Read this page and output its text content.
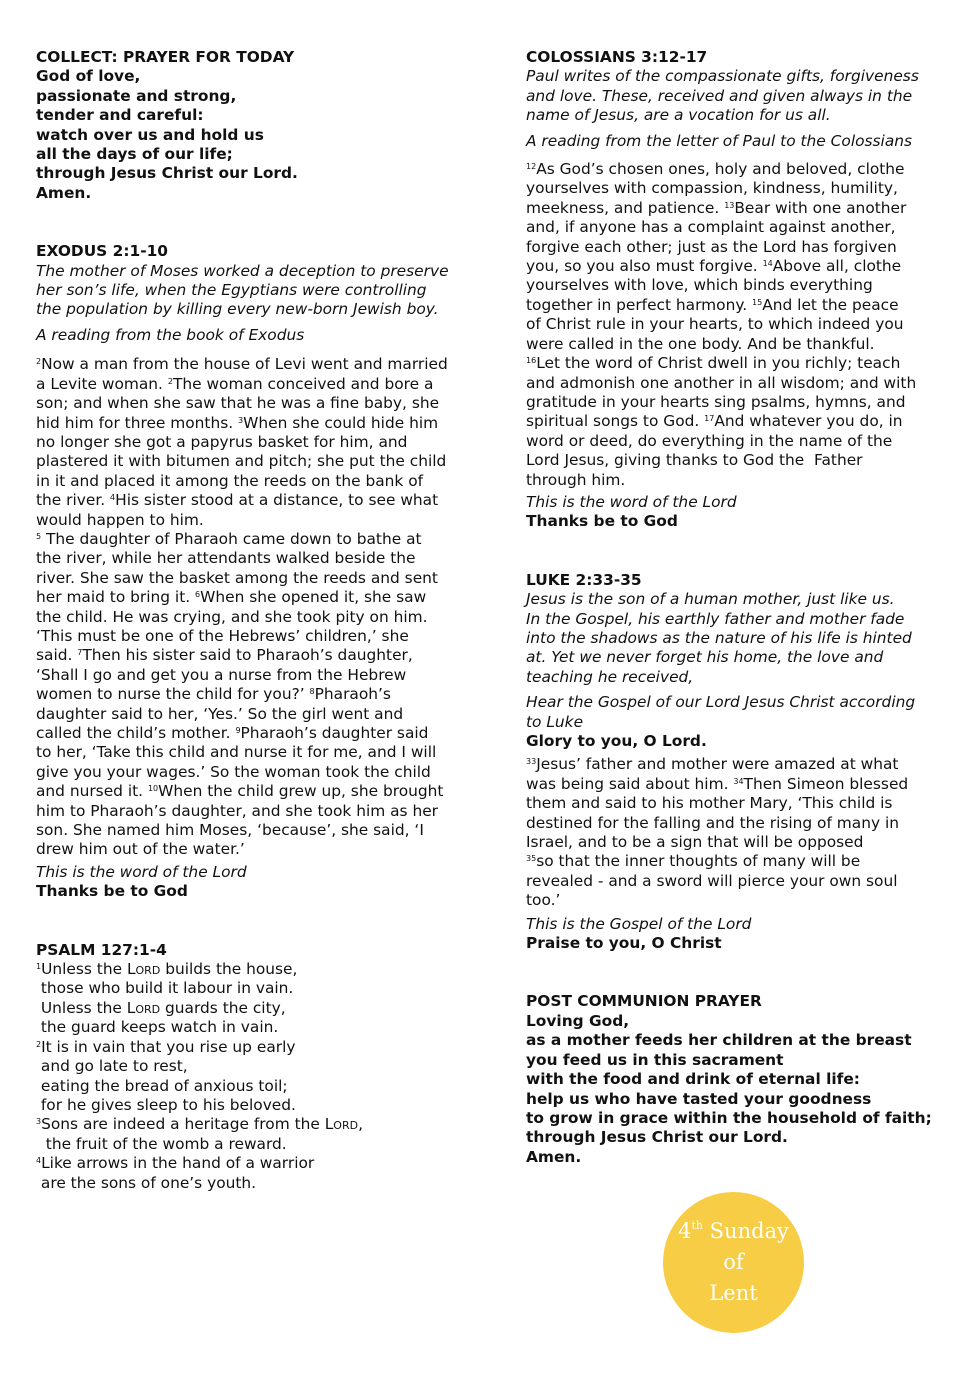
COLLECT: PRAYER FOR TODAY
God of love,
passionate and strong,
tender and careful:
watch over us and hold us
all the days of our life;
through Jesus Christ our Lord.
Amen.
EXODUS 2:1-10
The mother of Moses worked a deception to preserve
her son’s life, when the Egyptians were controlling
the population by killing every new-born Jewish boy.
A reading from the book of Exodus
$^2$Now a man from the house of Levi went and married
a Levite woman. $^2$The woman conceived and bore a
son; and when she saw that he was a fine baby, she
hid him for three months. $^3$When she could hide him
no longer she got a papyrus basket for him, and
plastered it with bitumen and pitch; she put the child
in it and placed it among the reeds on the bank of
the river. $^4$His sister stood at a distance, to see what
would happen to him.
$^5$ The daughter of Pharaoh came down to bathe at
the river, while her attendants walked beside the
river. She saw the basket among the reeds and sent
her maid to bring it. $^6$When she opened it, she saw
the child. He was crying, and she took pity on him.
‘This must be one of the Hebrews’ children,’ she
said. $^7$Then his sister said to Pharaoh’s daughter,
‘Shall I go and get you a nurse from the Hebrew
women to nurse the child for you?’ $^8$Pharaoh’s
daughter said to her, ‘Yes.’ So the girl went and
called the child’s mother. $^9$Pharaoh’s daughter said
to her, ‘Take this child and nurse it for me, and I will
give you your wages.’ So the woman took the child
and nursed it. $^{10}$When the child grew up, she brought
him to Pharaoh’s daughter, and she took him as her
son. She named him Moses, ‘because’, she said, ‘I
drew him out of the water.’
This is the word of the Lord
Thanks be to God
PSALM 127:1-4
$^1$Unless the Lord builds the house,
those who build it labour in vain.
Unless the Lord guards the city,
the guard keeps watch in vain.
$^2$It is in vain that you rise up early
and go late to rest,
eating the bread of anxious toil;
for he gives sleep to his beloved.
$^3$Sons are indeed a heritage from the Lord,
the fruit of the womb a reward.
$^4$Like arrows in the hand of a warrior
are the sons of one’s youth.
COLOSSIANS 3:12-17
Paul writes of the compassionate gifts, forgiveness
and love. These, received and given always in the
name of Jesus, are a vocation for us all.
A reading from the letter of Paul to the Colossians
$^{12}$As God’s chosen ones, holy and beloved, clothe
yourselves with compassion, kindness, humility,
meekness, and patience. $^{13}$Bear with one another
and, if anyone has a complaint against another,
forgive each other; just as the Lord has forgiven
you, so you also must forgive. $^{14}$Above all, clothe
yourselves with love, which binds everything
together in perfect harmony. $^{15}$And let the peace
of Christ rule in your hearts, to which indeed you
were called in the one body. And be thankful.
$^{16}$Let the word of Christ dwell in you richly; teach
and admonish one another in all wisdom; and with
gratitude in your hearts sing psalms, hymns, and
spiritual songs to God. $^{17}$And whatever you do, in
word or deed, do everything in the name of the
Lord Jesus, giving thanks to God the  Father
through him.
This is the word of the Lord
Thanks be to God
LUKE 2:33-35
Jesus is the son of a human mother, just like us.
In the Gospel, his earthly father and mother fade
into the shadows as the nature of his life is hinted
at. Yet we never forget his home, the love and
teaching he received,
Hear the Gospel of our Lord Jesus Christ according
to Luke
Glory to you, O Lord.
$^{33}$Jesus’ father and mother were amazed at what
was being said about him. $^{34}$Then Simeon blessed
them and said to his mother Mary, ‘This child is
destined for the falling and the rising of many in
Israel, and to be a sign that will be opposed
$^{35}$so that the inner thoughts of many will be
revealed - and a sword will pierce your own soul
too.’
This is the Gospel of the Lord
Praise to you, O Christ
POST COMMUNION PRAYER
Loving God,
as a mother feeds her children at the breast
you feed us in this sacrament
with the food and drink of eternal life:
help us who have tasted your goodness
to grow in grace within the household of faith;
through Jesus Christ our Lord.
Amen.
4th Sunday
of
Lent
